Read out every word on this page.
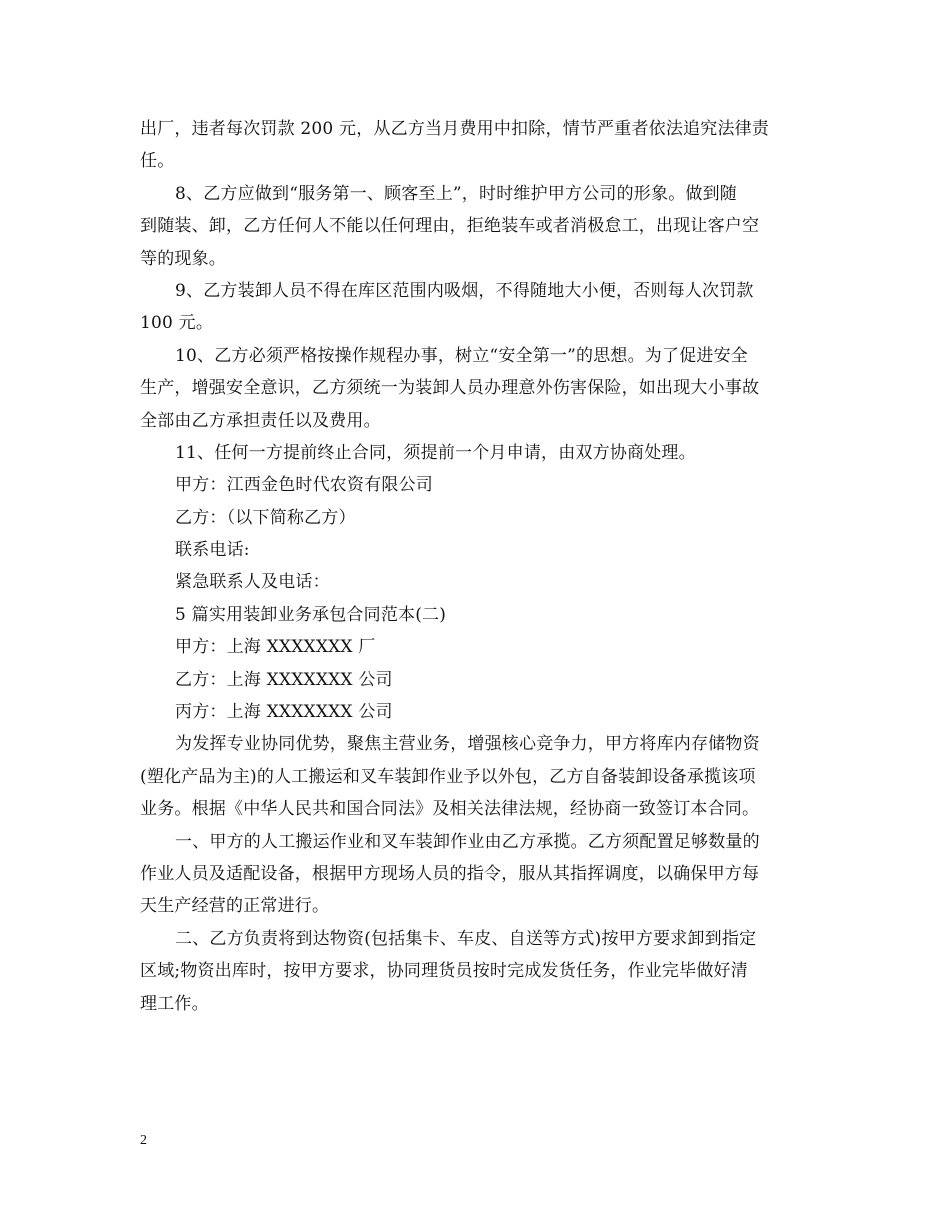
出厂，违者每次罚款 200 元，从乙方当月费用中扣除，情节严重者依法追究法律责
任。
8、乙方应做到“服务第一、顾客至上”，时时维护甲方公司的形象。做到随
到随装、卸，乙方任何人不能以任何理由，拒绝装车或者消极怠工，出现让客户空
等的现象。
9、乙方装卸人员不得在库区范围内吸烟，不得随地大小便，否则每人次罚款
100 元。
10、乙方必须严格按操作规程办事，树立“安全第一”的思想。为了促进安全
生产，增强安全意识，乙方须统一为装卸人员办理意外伤害保险，如出现大小事故
全部由乙方承担责任以及费用。
11、任何一方提前终止合同，须提前一个月申请，由双方协商处理。
甲方：江西金色时代农资有限公司
乙方：（以下简称乙方）
联系电话:
紧急联系人及电话：
5 篇实用装卸业务承包合同范本(二)
甲方：上海 XXXXXXX 厂
乙方：上海 XXXXXXX 公司
丙方：上海 XXXXXXX 公司
为发挥专业协同优势，聚焦主营业务，增强核心竞争力，甲方将库内存储物资
(塑化产品为主)的人工搬运和叉车装卸作业予以外包，乙方自备装卸设备承揽该项
业务。根据《中华人民共和国合同法》及相关法律法规，经协商一致签订本合同。
一、甲方的人工搬运作业和叉车装卸作业由乙方承揽。乙方须配置足够数量的
作业人员及适配设备，根据甲方现场人员的指令，服从其指挥调度，以确保甲方每
天生产经营的正常进行。
二、乙方负责将到达物资(包括集卡、车皮、自送等方式)按甲方要求卸到指定
区域;物资出库时，按甲方要求，协同理货员按时完成发货任务，作业完毕做好清
理工作。
2
